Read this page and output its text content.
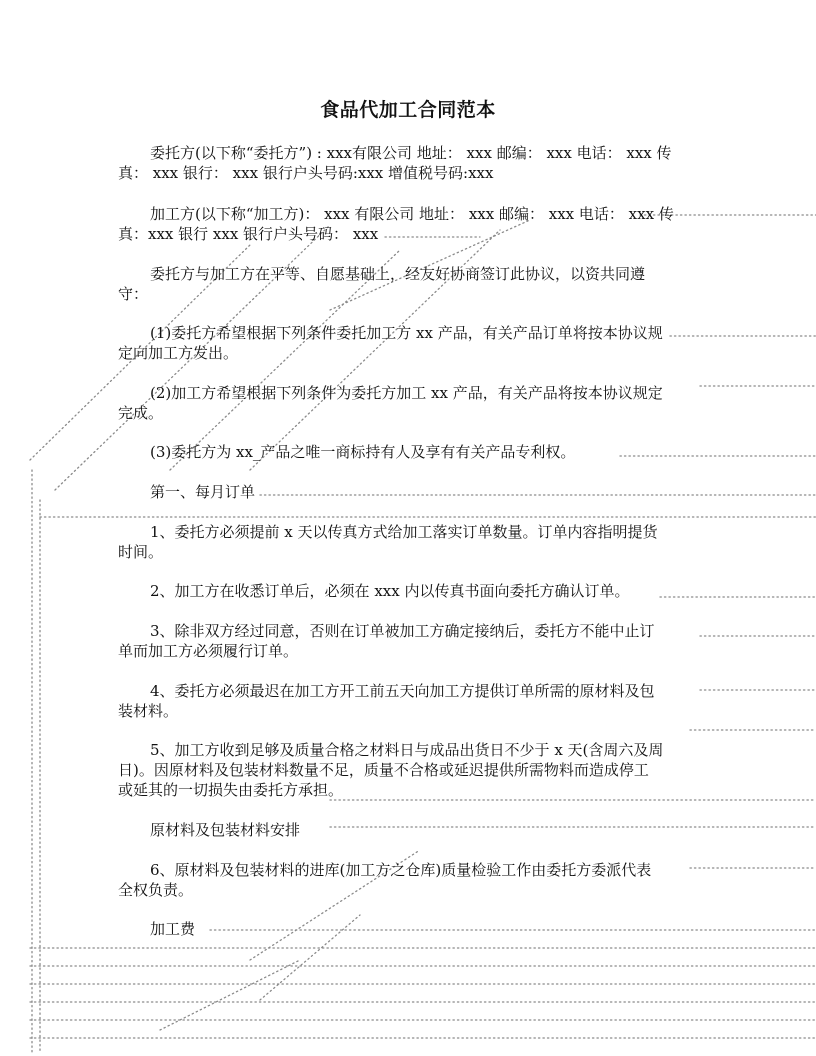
食品代加工合同范本
委托方(以下称“委托方”) : xxx有限公司 地址： xxx 邮编： xxx 电话： xxx 传
真： xxx 银行： xxx 银行户头号码:xxx 增值税号码:xxx
加工方(以下称“加工方)： xxx 有限公司 地址： xxx 邮编： xxx 电话： xxx 传
真：xxx 银行 xxx 银行户头号码： xxx
委托方与加工方在平等、自愿基础上，经友好协商签订此协议，以资共同遵
守：
(1)委托方希望根据下列条件委托加工方 xx 产品，有关产品订单将按本协议规
定向加工方发出。
(2)加工方希望根据下列条件为委托方加工 xx 产品，有关产品将按本协议规定
完成。
(3)委托方为 xx_产品之唯一商标持有人及享有有关产品专利权。
第一、每月订单
1、委托方必须提前 x 天以传真方式给加工落实订单数量。订单内容指明提货
时间。
2、加工方在收悉订单后，必须在 xxx 内以传真书面向委托方确认订单。
3、除非双方经过同意，否则在订单被加工方确定接纳后，委托方不能中止订
单而加工方必须履行订单。
4、委托方必须最迟在加工方开工前五天向加工方提供订单所需的原材料及包
装材料。
5、加工方收到足够及质量合格之材料日与成品出货日不少于 x 天(含周六及周
日)。因原材料及包装材料数量不足，质量不合格或延迟提供所需物料而造成停工
或延其的一切损失由委托方承担。
原材料及包装材料安排
6、原材料及包装材料的进库(加工方之仓库)质量检验工作由委托方委派代表
全权负责。
加工费
